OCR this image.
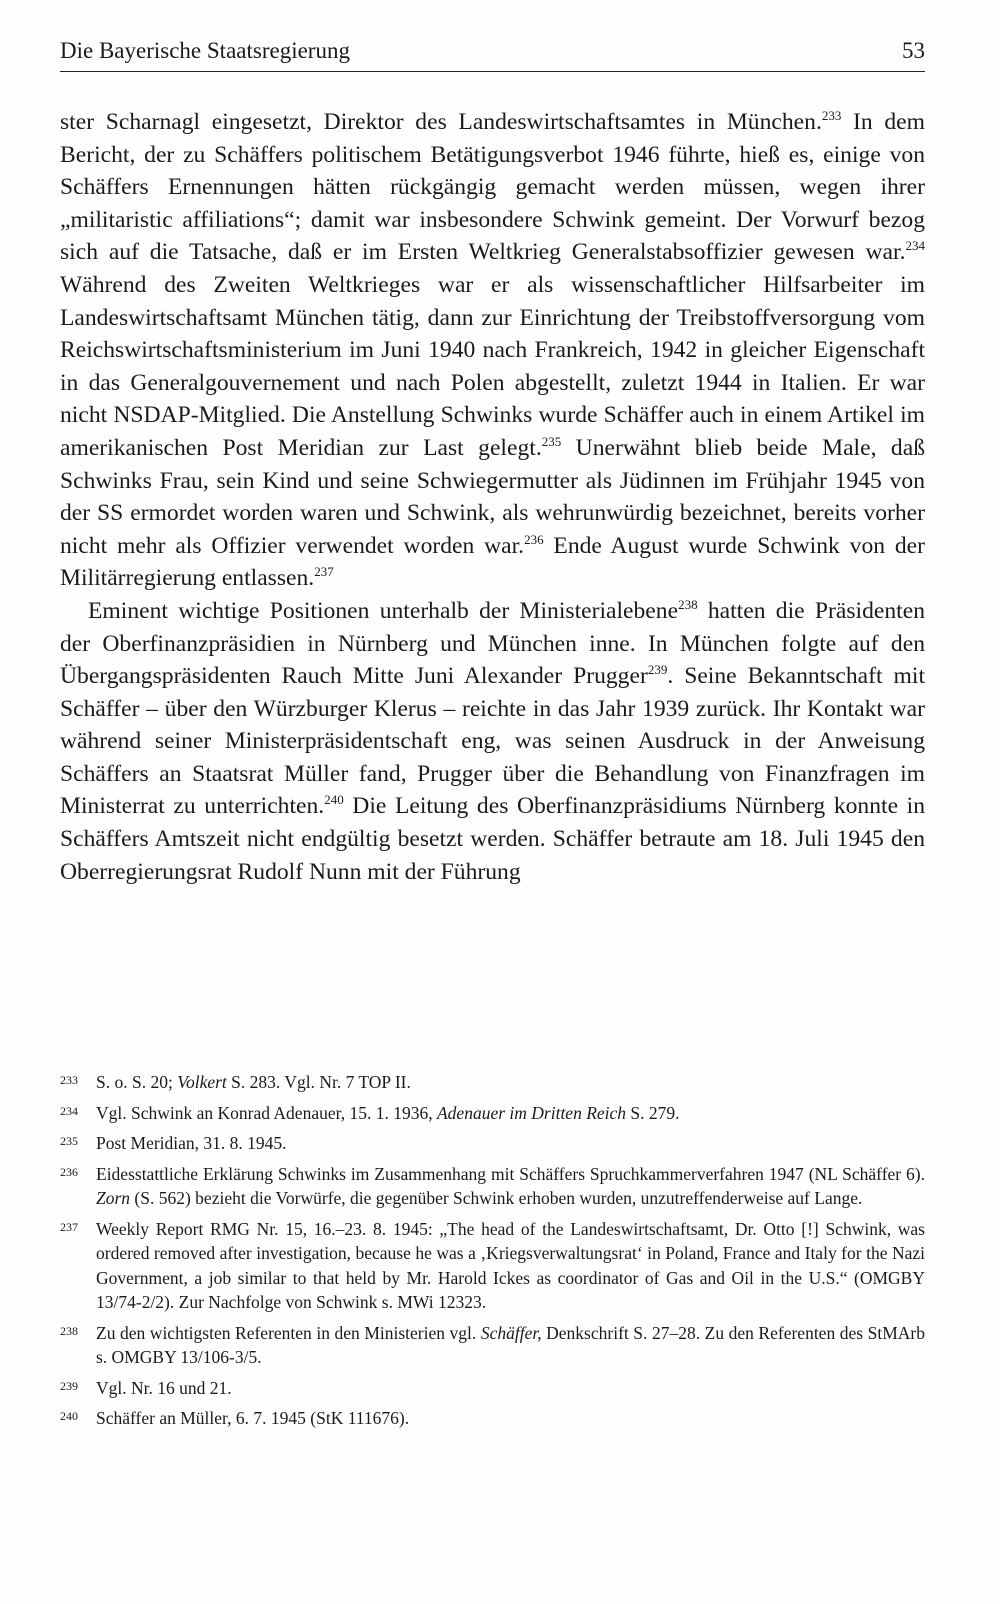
Die Bayerische Staatsregierung	53

ster Scharnagl eingesetzt, Direktor des Landeswirtschaftsamtes in München.$^{233}$ In dem Bericht, der zu Schäffers politischem Betätigungsverbot 1946 führte, hieß es, einige von Schäffers Ernennungen hätten rückgängig gemacht werden müssen, wegen ihrer „militaristic affiliations“; damit war insbesondere Schwink gemeint. Der Vorwurf bezog sich auf die Tatsache, daß er im Ersten Weltkrieg Generalstabsoffizier gewesen war.$^{234}$ Während des Zweiten Weltkrieges war er als wissenschaftlicher Hilfsarbeiter im Landeswirtschaftsamt München tätig, dann zur Einrichtung der Treibstoffversorgung vom Reichswirtschaftsministerium im Juni 1940 nach Frankreich, 1942 in gleicher Eigenschaft in das Generalgouvernement und nach Polen abgestellt, zuletzt 1944 in Italien. Er war nicht NSDAP-Mitglied. Die Anstellung Schwinks wurde Schäffer auch in einem Artikel im amerikanischen Post Meridian zur Last gelegt.$^{235}$ Unerwähnt blieb beide Male, daß Schwinks Frau, sein Kind und seine Schwiegermutter als Jüdinnen im Frühjahr 1945 von der SS ermordet worden waren und Schwink, als wehrunwürdig bezeichnet, bereits vorher nicht mehr als Offizier verwendet worden war.$^{236}$ Ende August wurde Schwink von der Militärregierung entlassen.$^{237}$

Eminent wichtige Positionen unterhalb der Ministerialebene$^{238}$ hatten die Präsidenten der Oberfinanzpräsidien in Nürnberg und München inne. In München folgte auf den Übergangspräsidenten Rauch Mitte Juni Alexander Prugger$^{239}$. Seine Bekanntschaft mit Schäffer – über den Würzburger Klerus – reichte in das Jahr 1939 zurück. Ihr Kontakt war während seiner Ministerpräsidentschaft eng, was seinen Ausdruck in der Anweisung Schäffers an Staatsrat Müller fand, Prugger über die Behandlung von Finanzfragen im Ministerrat zu unterrichten.$^{240}$ Die Leitung des Oberfinanzpräsidiums Nürnberg konnte in Schäffers Amtszeit nicht endgültig besetzt werden. Schäffer betraute am 18. Juli 1945 den Oberregierungsrat Rudolf Nunn mit der Führung

233	S. o. S. 20; Volkert S. 283. Vgl. Nr. 7 TOP II.
234	Vgl. Schwink an Konrad Adenauer, 15. 1. 1936, Adenauer im Dritten Reich S. 279.
235	Post Meridian, 31. 8. 1945.
236	Eidesstattliche Erklärung Schwinks im Zusammenhang mit Schäffers Spruchkammerverfahren 1947 (NL Schäffer 6). Zorn (S. 562) bezieht die Vorwürfe, die gegenüber Schwink erhoben wurden, unzutreffenderweise auf Lange.
237	Weekly Report RMG Nr. 15, 16.–23. 8. 1945: „The head of the Landeswirtschaftsamt, Dr. Otto [!] Schwink, was ordered removed after investigation, because he was a ‚Kriegsverwaltungsrat‘ in Poland, France and Italy for the Nazi Government, a job similar to that held by Mr. Harold Ickes as coordinator of Gas and Oil in the U.S.“ (OMGBY 13/74-2/2). Zur Nachfolge von Schwink s. MWi 12323.
238	Zu den wichtigsten Referenten in den Ministerien vgl. Schäffer, Denkschrift S. 27–28. Zu den Referenten des StMArb s. OMGBY 13/106-3/5.
239	Vgl. Nr. 16 und 21.
240	Schäffer an Müller, 6. 7. 1945 (StK 111676).
